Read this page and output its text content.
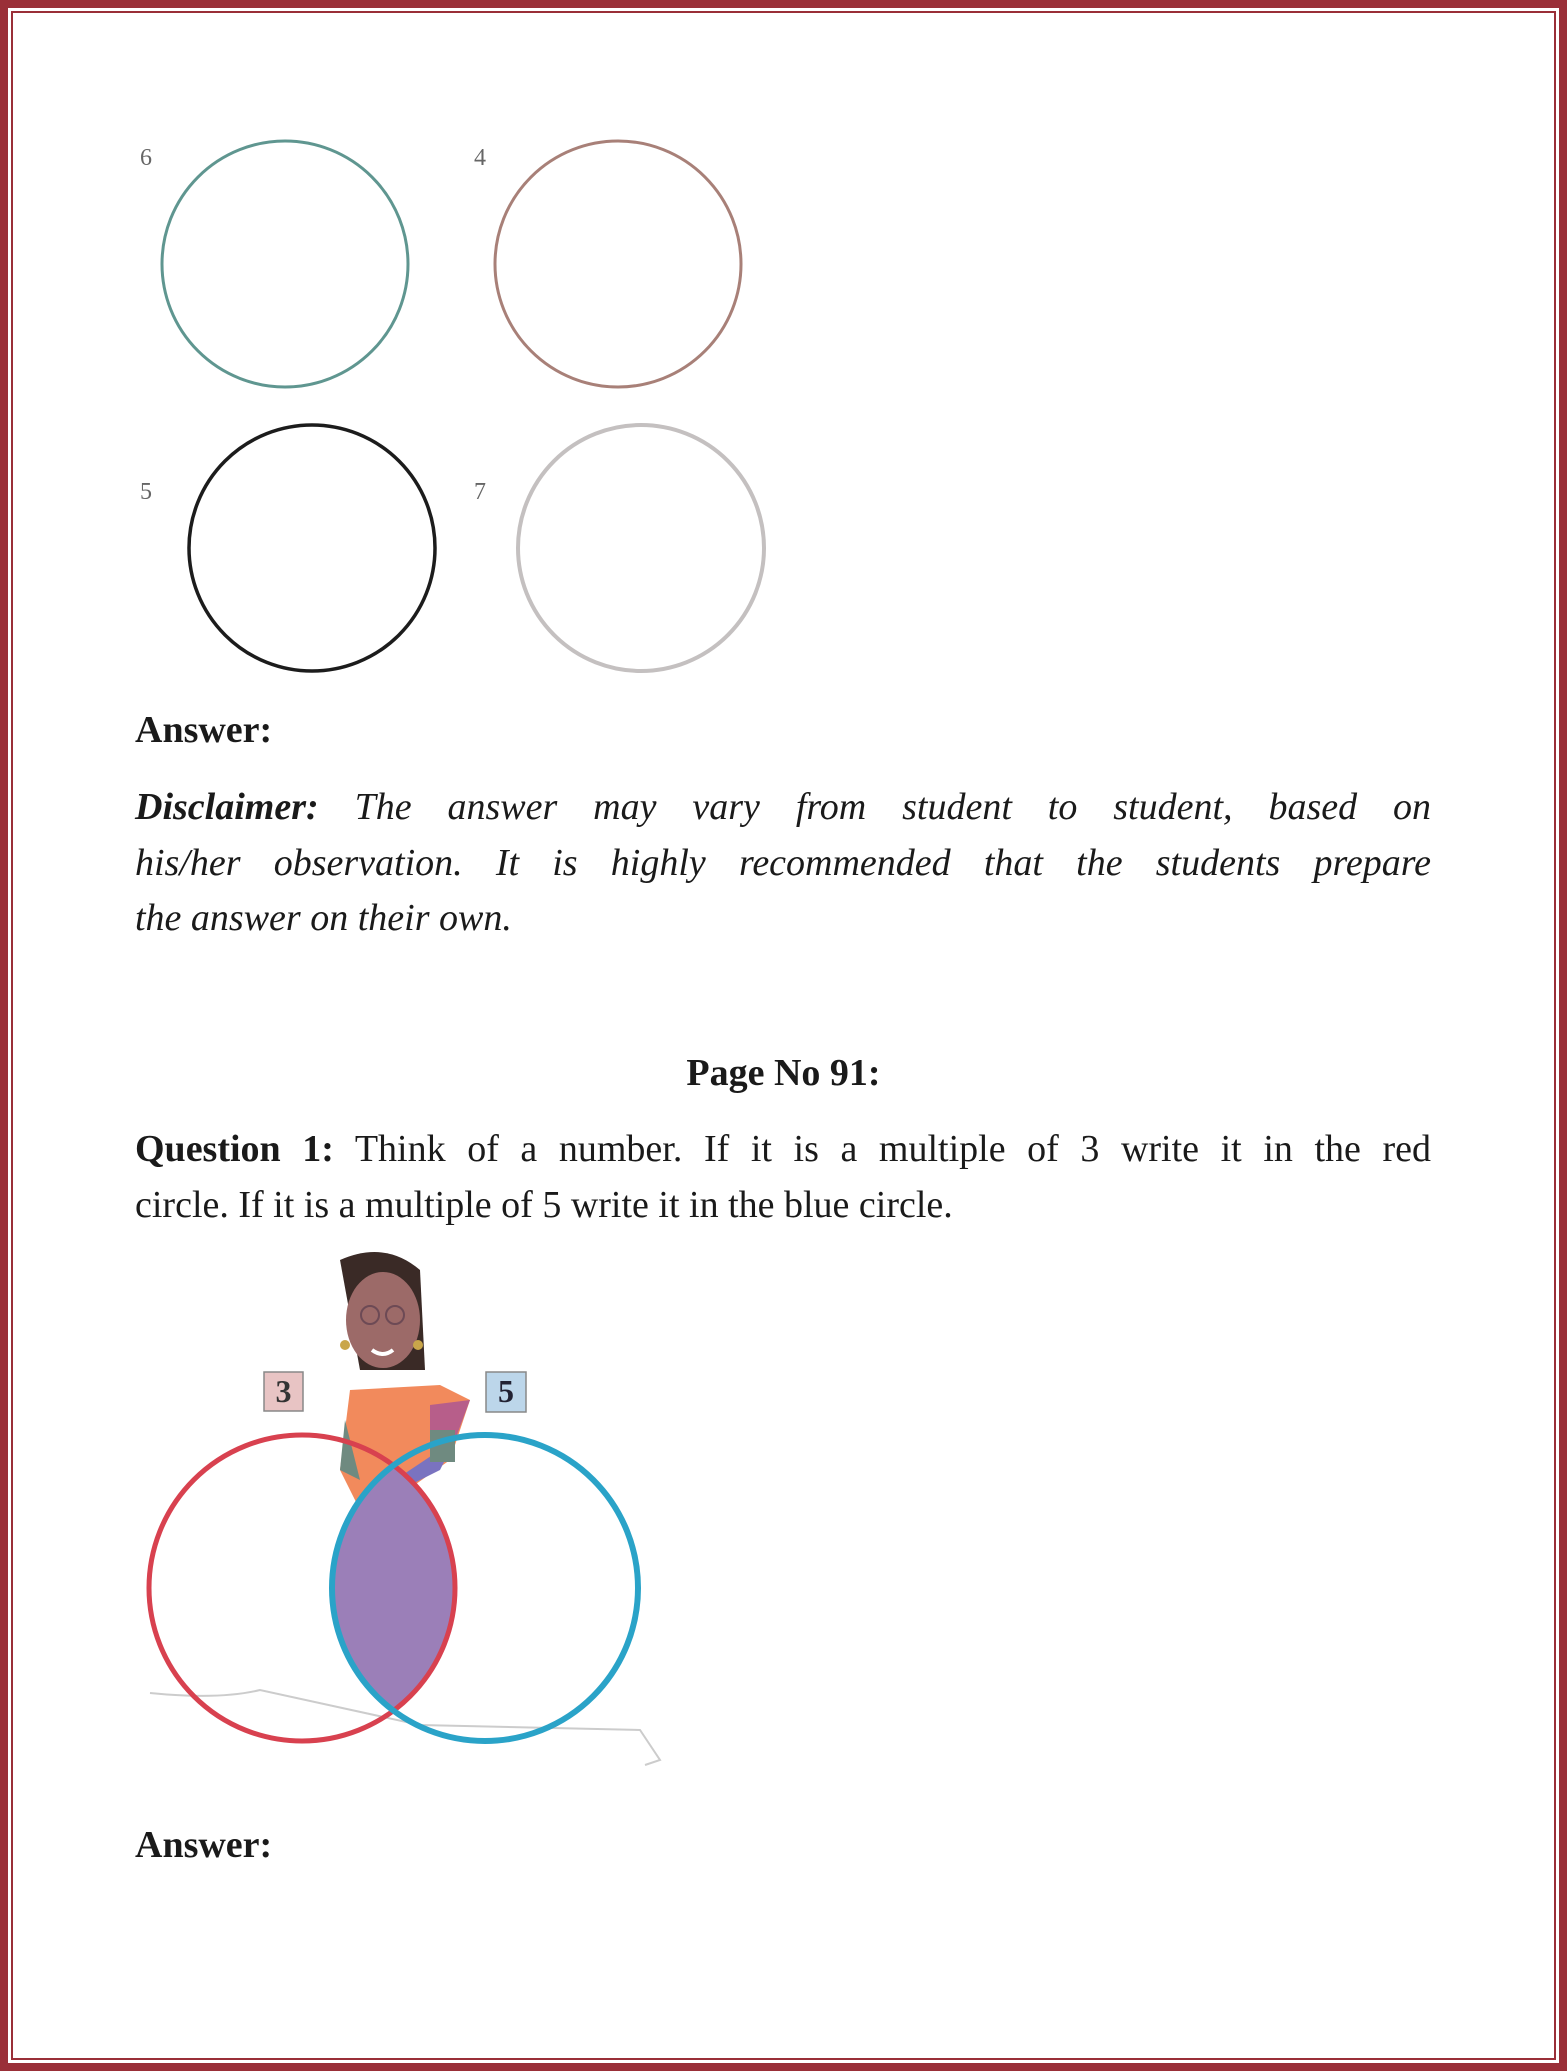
6	4
5	7
Answer:
Disclaimer: The answer may vary from student to student, based on
his/her observation. It is highly recommended that the students prepare
the answer on their own.
Page No 91:
Question 1: Think of a number. If it is a multiple of 3 write it in the red
circle. If it is a multiple of 5 write it in the blue circle.
3	5
Answer:
